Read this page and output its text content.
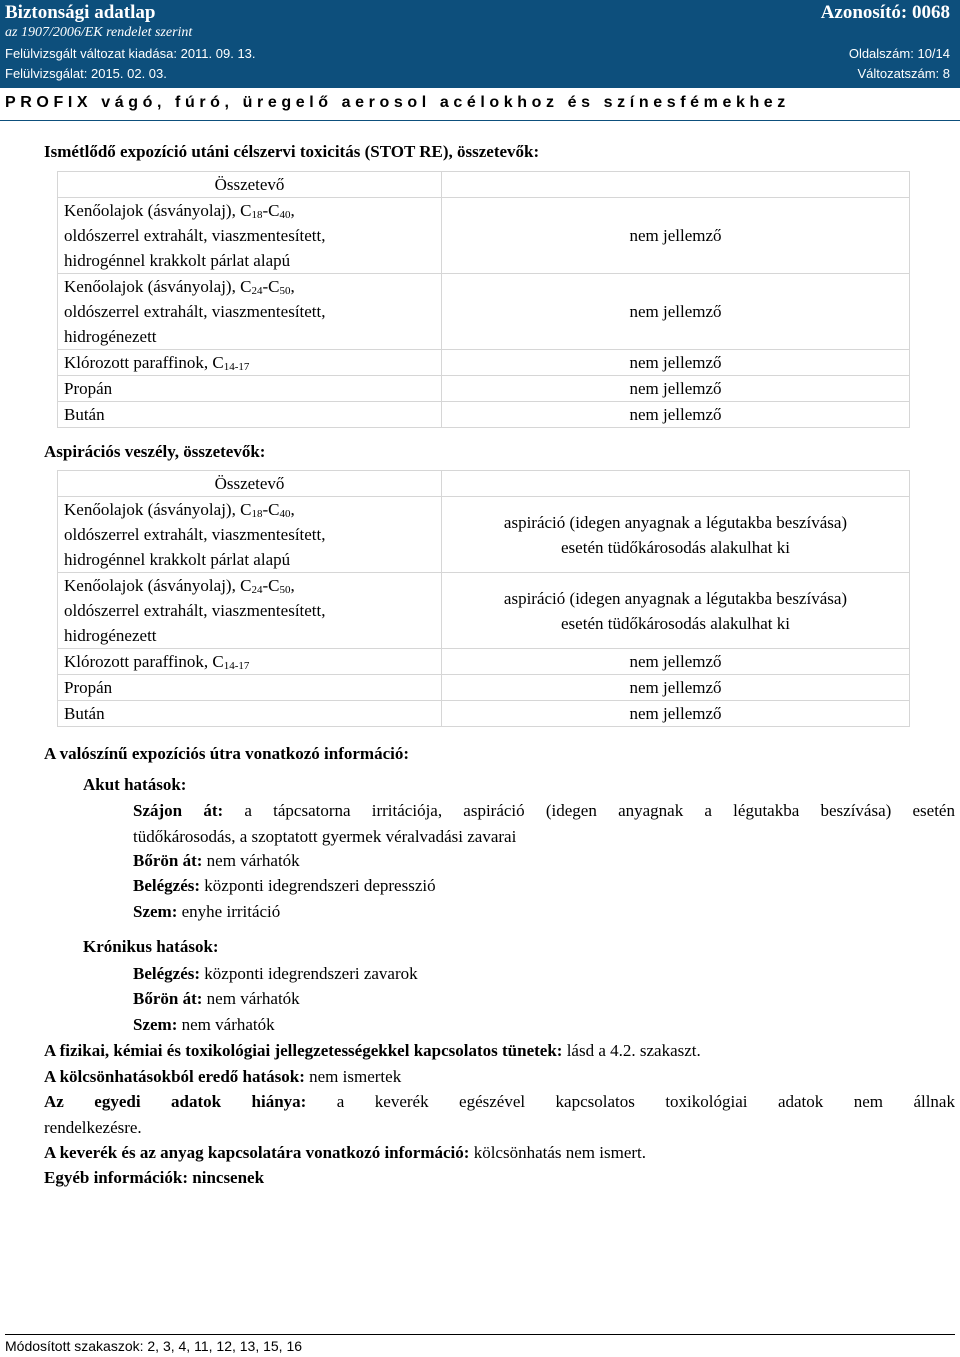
Biztonsági adatlap	Azonosító: 0068
az 1907/2006/EK rendelet szerint
Felülvizsgált változat kiadása: 2011. 09. 13.	Oldalszám: 10/14
Felülvizsgálat: 2015. 02. 03.	Változatszám: 8
PROFIX vágó, fúró, üregelő aerosol acélokhoz és színesfémekhez
Ismétlődő expozíció utáni célszervi toxicitás (STOT RE), összetevők:
Összetevő	
Kenőolajok (ásványolaj), $C_{18}-C_{40}$,
oldószerrel extrahált, viaszmentesített,
hidrogénnel krakkolt párlat alapú	nem jellemző
Kenőolajok (ásványolaj), $C_{24}-C_{50}$,
oldószerrel extrahált, viaszmentesített,
hidrogénezett	nem jellemző
Klórozott paraffinok, $C_{14-17}$	nem jellemző
Propán	nem jellemző
Bután	nem jellemző
Aspirációs veszély, összetevők:
Összetevő	
Kenőolajok (ásványolaj), $C_{18}-C_{40}$,
oldószerrel extrahált, viaszmentesített,
hidrogénnel krakkolt párlat alapú	aspiráció (idegen anyagnak a légutakba beszívása)
esetén tüdőkárosodás alakulhat ki
Kenőolajok (ásványolaj), $C_{24}-C_{50}$,
oldószerrel extrahált, viaszmentesített,
hidrogénezett	aspiráció (idegen anyagnak a légutakba beszívása)
esetén tüdőkárosodás alakulhat ki
Klórozott paraffinok, $C_{14-17}$	nem jellemző
Propán	nem jellemző
Bután	nem jellemző
A valószínű expozíciós útra vonatkozó információ:
Akut hatások:
Szájon át: a tápcsatorna irritációja, aspiráció (idegen anyagnak a légutakba beszívása) esetén
tüdőkárosodás, a szoptatott gyermek véralvadási zavarai
Bőrön át: nem várhatók
Belégzés: központi idegrendszeri depresszió
Szem: enyhe irritáció
Krónikus hatások:
Belégzés: központi idegrendszeri zavarok
Bőrön át: nem várhatók
Szem: nem várhatók
A fizikai, kémiai és toxikológiai jellegzetességekkel kapcsolatos tünetek: lásd a 4.2. szakaszt.
A kölcsönhatásokból eredő hatások: nem ismertek
Az egyedi adatok hiánya: a keverék egészével kapcsolatos toxikológiai adatok nem állnak
rendelkezésre.
A keverék és az anyag kapcsolatára vonatkozó információ: kölcsönhatás nem ismert.
Egyéb információk: nincsenek
Módosított szakaszok: 2, 3, 4, 11, 12, 13, 15, 16
